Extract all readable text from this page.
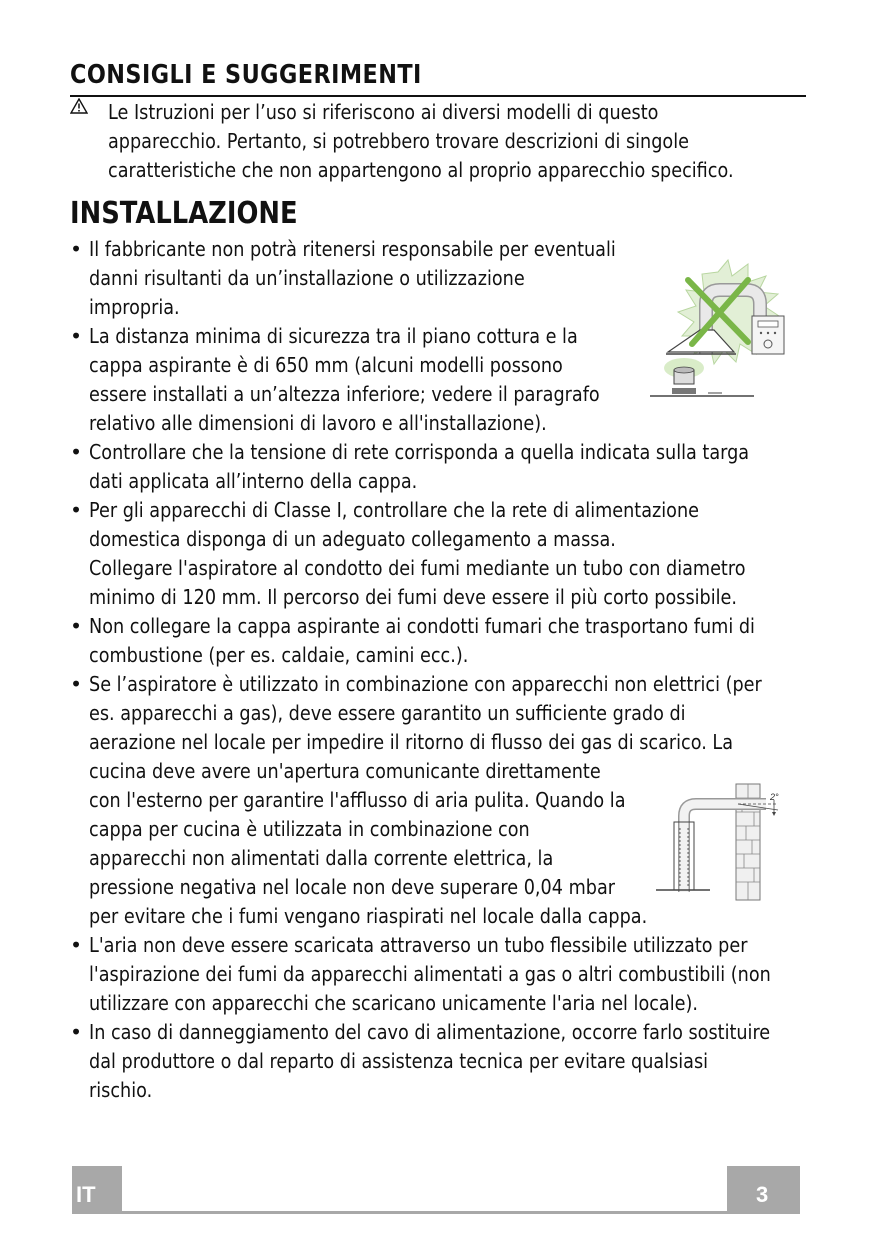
CONSIGLI E SUGGERIMENTI
Le Istruzioni per l’uso si riferiscono ai diversi modelli di questo
apparecchio. Pertanto, si potrebbero trovare descrizioni di singole
caratteristiche che non appartengono al proprio apparecchio specifico.
INSTALLAZIONE
• Il fabbricante non potrà ritenersi responsabile per eventuali
danni risultanti da un’installazione o utilizzazione
impropria.
• La distanza minima di sicurezza tra il piano cottura e la
cappa aspirante è di 650 mm (alcuni modelli possono
essere installati a un’altezza inferiore; vedere il paragrafo
relativo alle dimensioni di lavoro e all'installazione).
• Controllare che la tensione di rete corrisponda a quella indicata sulla targa
dati applicata all’interno della cappa.
• Per gli apparecchi di Classe I, controllare che la rete di alimentazione
domestica disponga di un adeguato collegamento a massa.
Collegare l'aspiratore al condotto dei fumi mediante un tubo con diametro
minimo di 120 mm. Il percorso dei fumi deve essere il più corto possibile.
• Non collegare la cappa aspirante ai condotti fumari che trasportano fumi di
combustione (per es. caldaie, camini ecc.).
• Se l’aspiratore è utilizzato in combinazione con apparecchi non elettrici (per
es. apparecchi a gas), deve essere garantito un sufficiente grado di
aerazione nel locale per impedire il ritorno di flusso dei gas di scarico. La
cucina deve avere un'apertura comunicante direttamente
con l'esterno per garantire l'afflusso di aria pulita. Quando la
cappa per cucina è utilizzata in combinazione con
apparecchi non alimentati dalla corrente elettrica, la
pressione negativa nel locale non deve superare 0,04 mbar
per evitare che i fumi vengano riaspirati nel locale dalla cappa.
• L'aria non deve essere scaricata attraverso un tubo flessibile utilizzato per
l'aspirazione dei fumi da apparecchi alimentati a gas o altri combustibili (non
utilizzare con apparecchi che scaricano unicamente l'aria nel locale).
• In caso di danneggiamento del cavo di alimentazione, occorre farlo sostituire
dal produttore o dal reparto di assistenza tecnica per evitare qualsiasi
rischio.
2°
IT	3
